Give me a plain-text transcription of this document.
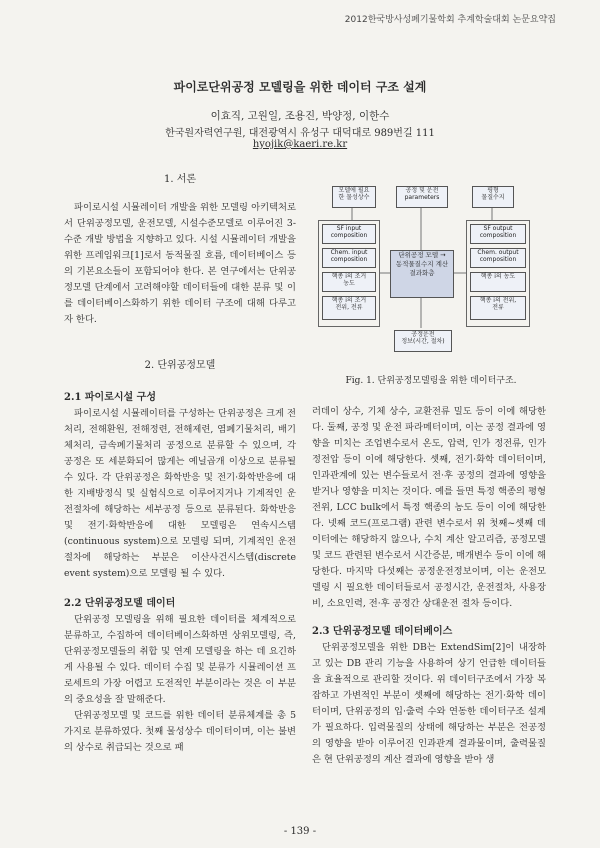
2012한국방사성폐기물학회 추계학술대회 논문요약집
파이로단위공정 모델링을 위한 데이터 구조 설계
이효직, 고원일, 조용진, 박양정, 이한수
한국원자력연구원, 대전광역시 유성구 대덕대로 989번길 111
hyojik@kaeri.re.kr
1. 서론

파이로시설 시뮬레이터 개발을 위한 모델링 아키텍처로서 단위공정모델, 운전모델, 시설수준모델로 이루어진 3-수준 개발 방법을 지향하고 있다. 시설 시뮬레이터 개발을 위한 프레임워크[1]로서 동적물질 흐름, 데이터베이스 등의 기본요소들이 포함되어야 한다. 본 연구에서는 단위공정모델 단계에서 고려해야할 데이터들에 대한 분류 및 이를 데이터베이스화하기 위한 데이터 구조에 대해 다루고자 한다.

2. 단위공정모델
2.1 파이로시설 구성

파이로시설 시뮬레이터를 구성하는 단위공정은 크게 전처리, 전해환원, 전해정련, 전해제련, 염폐기물처리, 배기체처리, 금속폐기물처리 공정으로 분류할 수 있으며, 각 공정은 또 세분화되어 많게는 예닐곱개 이상으로 분류될 수 있다. 각 단위공정은 화학반응 및 전기·화학반응에 대한 지배방정식 및 실험식으로 이루어지거나 기계적인 운전절차에 해당하는 세부공정 등으로 분류된다. 화학반응 및 전기·화학반응에 대한 모델링은 연속시스템(continuous system)으로 모델링 되며, 기계적인 운전절차에 해당하는 부분은 이산사건시스템(discrete event system)으로 모델링 될 수 있다.

2.2 단위공정모델 데이터

단위공정 모델링을 위해 필요한 데이터를 체계적으로 분류하고, 수집하여 데이터베이스화하면 상위모델링, 즉, 단위공정모델들의 취합 및 연계 모델링을 하는 데 요긴하게 사용될 수 있다. 데이터 수집 및 분류가 시뮬레이션 프로세트의 가장 어렵고 도전적인 부분이라는 것은 이 부분의 중요성을 잘 말해준다.

단위공정모델 및 코드를 위한 데이터 분류체계를 총 5 가지로 분류하였다. 첫째 물성상수 데이터이며, 이는 불변의 상수로 취급되는 것으로 패

모델에 필요
한 물성상수
공정 및 운전
parameters
평형
물질수지
SF input
composition
Chem. input
composition
핵종 i의 조거
농도
핵종 i의 조거
전위, 전류
단위공정 모델 →
동적물질수지 계산
결과화층
SF output
composition
Chem. output
composition
핵종 i의 농도
핵종 i의 전위,
전류
공정운전
정보(시간, 절차)
Fig. 1. 단위공정모델링을 위한 데이터구조.

러데이 상수, 기체 상수, 교환전류 밀도 등이 이에 해당한다. 둘째, 공정 및 운전 파라메터이며, 이는 공정 결과에 영향을 미치는 조업변수로서 온도, 압력, 인가 정전류, 인가 정전압 등이 이에 해당한다. 셋째, 전기·화학 데이터이며, 인과관계에 있는 변수들로서 전·후 공정의 결과에 영향을 받거나 영향을 미치는 것이다. 예를 들면 특정 핵종의 평형전위, LCC bulk에서 특정 핵종의 농도 등이 이에 해당한다. 넷째 코드(프로그램) 관련 변수로서 위 첫째~셋째 데이터에는 해당하지 않으나, 수치 계산 알고리즘, 공정모델 및 코드 관련된 변수로서 시간증분, 매개변수 등이 이에 해당한다. 마지막 다섯째는 공정운전정보이며, 이는 운전모델링 시 필요한 데이터들로서 공정시간, 운전절차, 사용장비, 소요인력, 전·후 공정간 상대운전 절차 등이다.

2.3 단위공정모델 데이터베이스

단위공정모델을 위한 DB는 ExtendSim[2]이 내장하고 있는 DB 관리 기능을 사용하여 상기 언급한 데이터들을 효율적으로 관리할 것이다. 위 데이터구조에서 가장 복잡하고 가변적인 부분이 셋째에 해당하는 전기·화학 데이터이며, 단위공정의 입·출력 수와 연동한 데이터구조 설계가 필요하다. 입력물질의 상태에 해당하는 부분은 전공정의 영향을 받아 이루어진 인과관계 결과물이며, 출력물질은 현 단위공정의 계산 결과에 영향을 받아 생

- 139 -
